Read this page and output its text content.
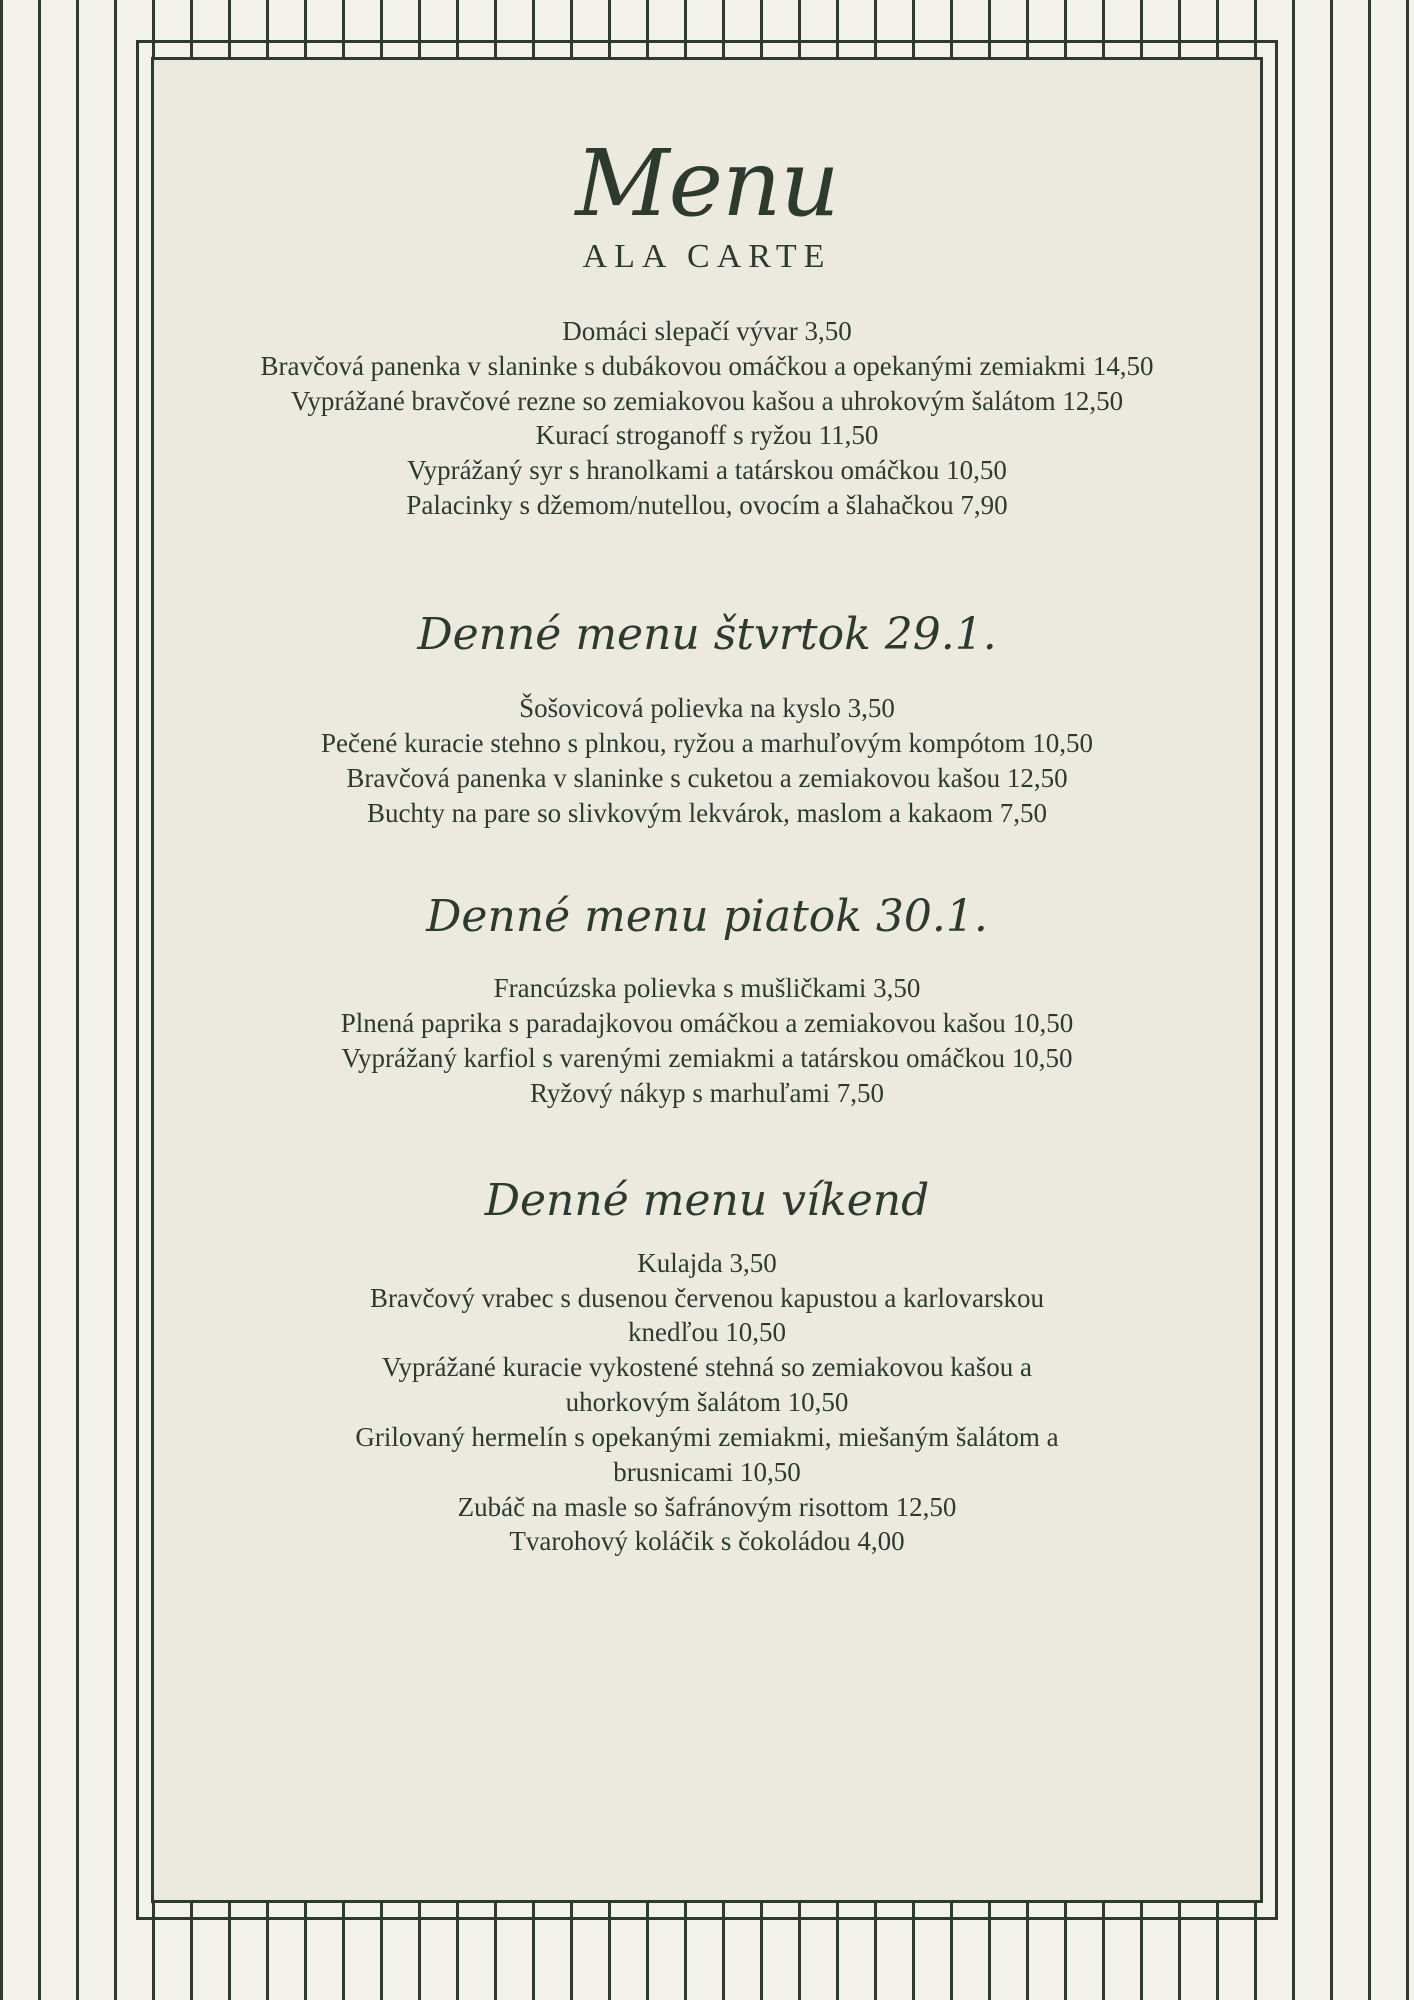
Menu
ALA CARTE

Domáci slepačí vývar 3,50

Bravčová panenka v slaninke s dubákovou omáčkou a opekanými zemiakmi 14,50

Vyprážané bravčové rezne so zemiakovou kašou a uhrokovým šalátom 12,50

Kurací stroganoff s ryžou 11,50

Vyprážaný syr s hranolkami a tatárskou omáčkou 10,50

Palacinky s džemom/nutellou, ovocím a šlahačkou 7,90

Denné menu štvrtok 29.1.

Šošovicová polievka na kyslo 3,50

Pečené kuracie stehno s plnkou, ryžou a marhuľovým kompótom 10,50

Bravčová panenka v slaninke s cuketou a zemiakovou kašou 12,50

Buchty na pare so slivkovým lekvárok, maslom a kakaom 7,50

Denné menu piatok 30.1.

Francúzska polievka s mušličkami 3,50

Plnená paprika s paradajkovou omáčkou a zemiakovou kašou 10,50

Vyprážaný karfiol s varenými zemiakmi a tatárskou omáčkou 10,50

Ryžový nákyp s marhuľami 7,50

Denné menu víkend

Kulajda 3,50

Bravčový vrabec s dusenou červenou kapustou a karlovarskou knedľou 10,50

Vyprážané kuracie vykostené stehná so zemiakovou kašou a uhorkovým šalátom 10,50

Grilovaný hermelín s opekanými zemiakmi, miešaným šalátom a brusnicami 10,50

Zubáč na masle so šafránovým risottom 12,50

Tvarohový koláčik s čokoládou 4,00
